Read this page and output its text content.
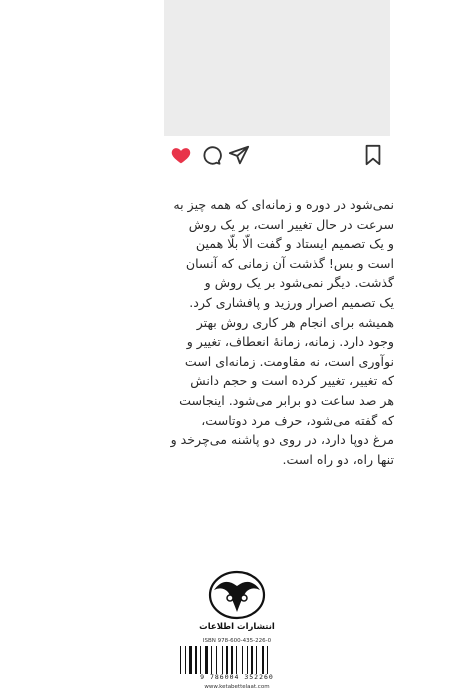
نمی‌شود در دوره و زمانه‌ای که همه چیز به
سرعت در حال تغییر است، بر یک روش
و یک تصمیم ایستاد و گفت الّا بلّا همین
است و بس! گذشت آن زمانی که آنسان
گذشت. دیگر نمی‌شود بر یک روش و
یک تصمیم اصرار ورزید و پافشاری کرد.
همیشه برای انجام هر کاری روش بهتر
وجود دارد. زمانه، زمانهٔ انعطاف، تغییر و
نوآوری است، نه مقاومت. زمانه‌ای است
که تغییر، تغییر کرده است و حجم دانش
هر صد ساعت دو برابر می‌شود. اینجاست
که گفته می‌شود، حرف مرد دوتاست،
مرغ دوپا دارد، در روی دو پاشنه می‌چرخد و
تنها راه، دو راه است.
انتشارات اطلاعات
ISBN 978-600-435-226-0
9 786004 352260
www.ketabettelaat.com
